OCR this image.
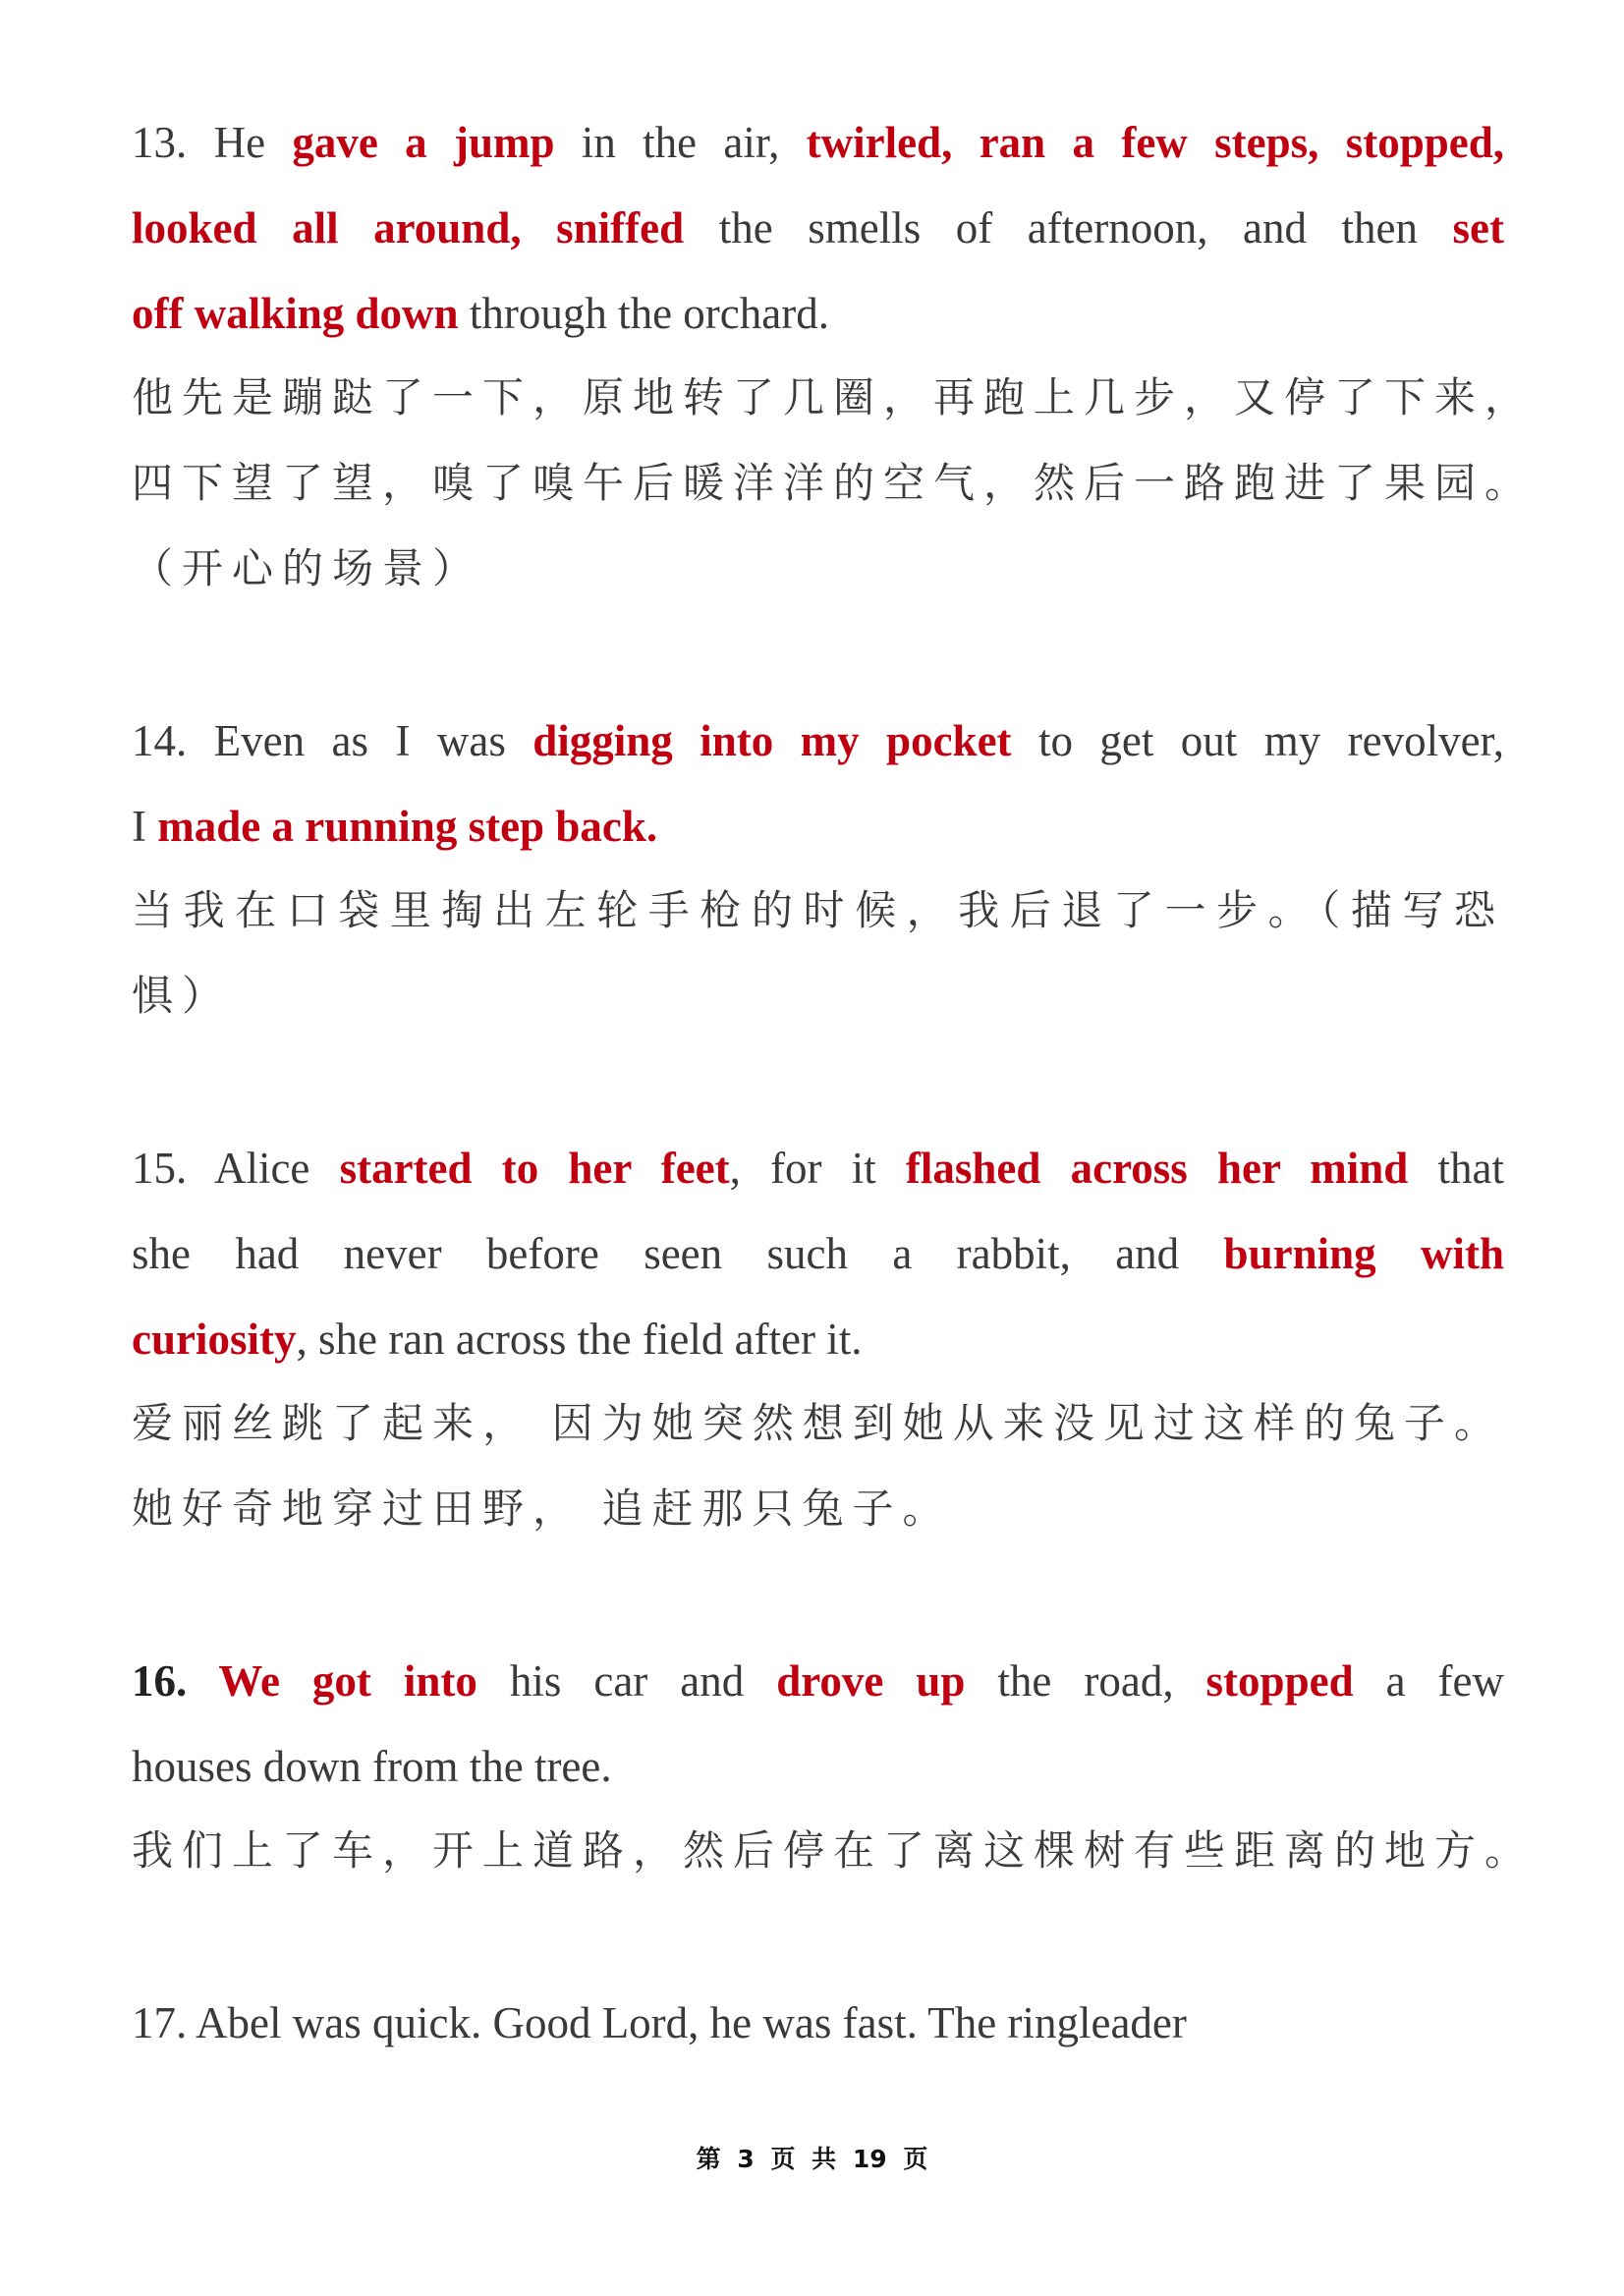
13. He gave a jump in the air, twirled, ran a few steps, stopped,
looked all around, sniffed the smells of afternoon, and then set
off walking down through the orchard.
他先是蹦跶了一下，原地转了几圈，再跑上几步，又停了下来，
四下望了望，嗅了嗅午后暖洋洋的空气，然后一路跑进了果园。
（开心的场景）
14. Even as I was digging into my pocket to get out my revolver,
I made a running step back.
当我在口袋里掏出左轮手枪的时候，我后退了一步。（描写恐
惧）
15. Alice started to her feet, for it flashed across her mind that
she had never before seen such a rabbit, and burning with
curiosity, she ran across the field after it.
爱丽丝跳了起来， 因为她突然想到她从来没见过这样的兔子。
她好奇地穿过田野， 追赶那只兔子。
16. We got into his car and drove up the road, stopped a few
houses down from the tree.
我们上了车，开上道路，然后停在了离这棵树有些距离的地方。
17. Abel was quick. Good Lord, he was fast. The ringleader
第 3 页 共 19 页
